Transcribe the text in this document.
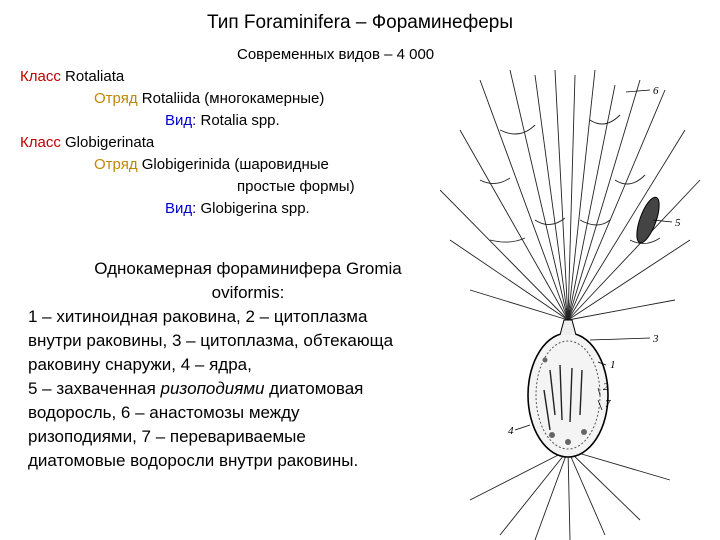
Тип Foraminifera – Фораминеферы
Современных видов – 4 000
Класс Rotaliata
Отряд Rotaliida (многокамерные)
Вид: Rotalia spp.
Класс Globigerinata
Отряд Globigerinida (шаровидные
простые формы)
Вид: Globigerina spp.
Однокамерная фораминифера Gromia
oviformis:
1 – хитиноидная раковина, 2 – цитоплазма
внутри раковины, 3 – цитоплазма, обтекающа
раковину снаружи, 4 – ядра,
5 – захваченная ризоподиями диатомовая
водоросль, 6 – анастомозы между
ризоподиями, 7 – перевариваемые
диатомовые водоросли внутри раковины.
6
5
3
1
2
7
4
